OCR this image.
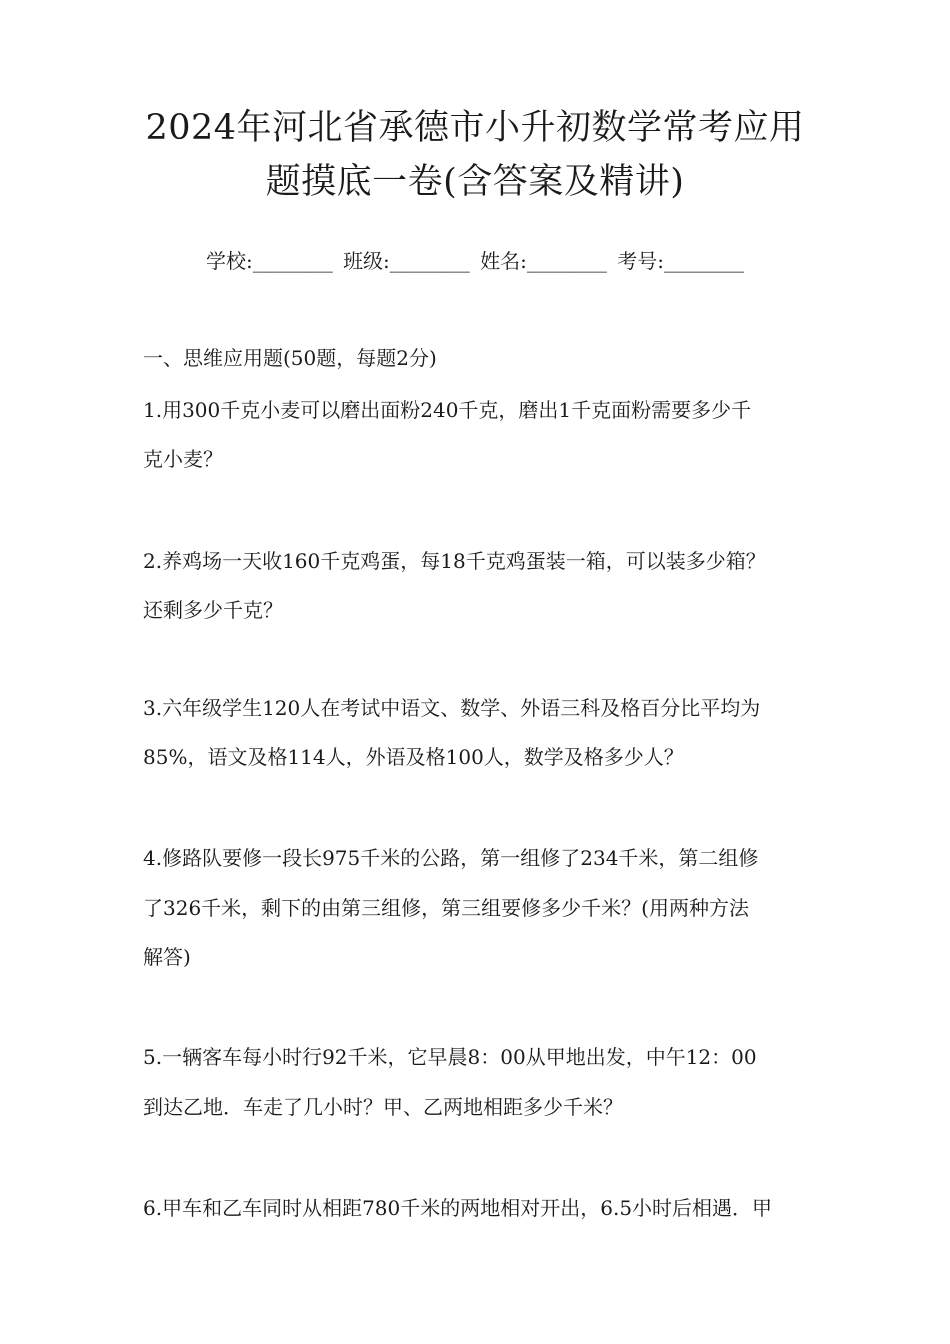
2024年河北省承德市小升初数学常考应用
题摸底一卷(含答案及精讲)
学校:________ 班级:________ 姓名:________ 考号:________
一、思维应用题(50题，每题2分)
1.用300千克小麦可以磨出面粉240千克，磨出1千克面粉需要多少千
克小麦？
2.养鸡场一天收160千克鸡蛋，每18千克鸡蛋装一箱，可以装多少箱？
还剩多少千克？
3.六年级学生120人在考试中语文、数学、外语三科及格百分比平均为
85%，语文及格114人，外语及格100人，数学及格多少人？
4.修路队要修一段长975千米的公路，第一组修了234千米，第二组修
了326千米，剩下的由第三组修，第三组要修多少千米？(用两种方法
解答)
5.一辆客车每小时行92千米，它早晨8：00从甲地出发，中午12：00
到达乙地．车走了几小时？甲、乙两地相距多少千米？
6.甲车和乙车同时从相距780千米的两地相对开出，6.5小时后相遇．甲
